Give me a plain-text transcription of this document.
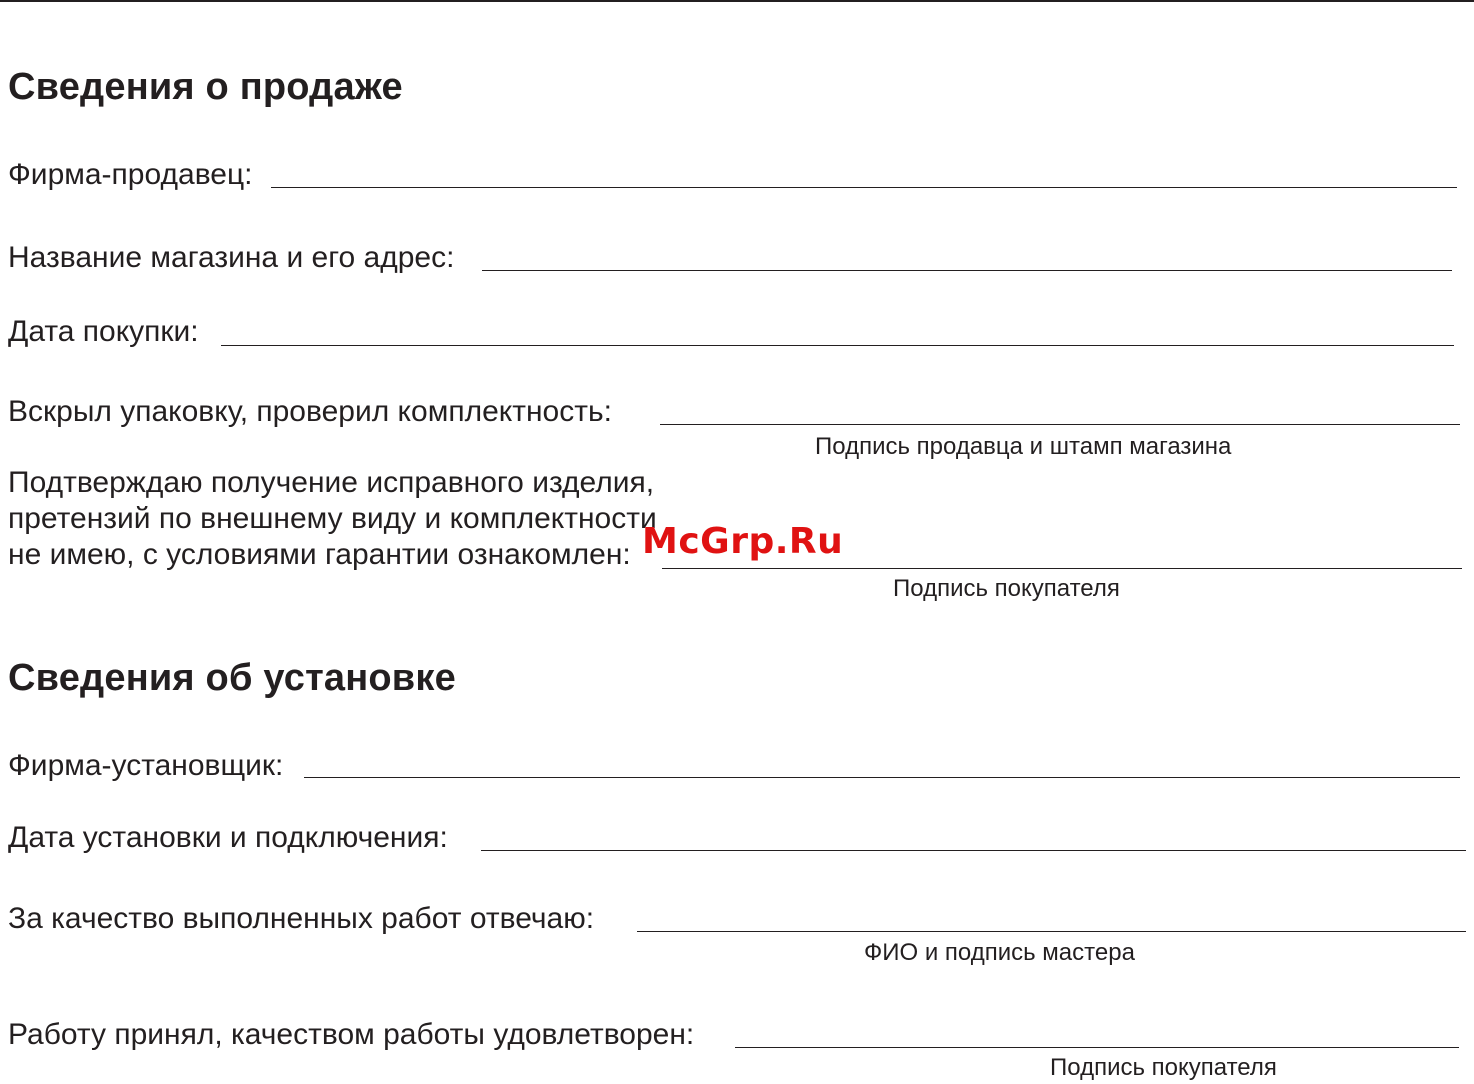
Сведения о продаже
Фирма-продавец:
Название магазина и его адрес:
Дата покупки:
Вскрыл упаковку, проверил комплектность:
Подпись продавца и штамп магазина
Подтверждаю получение исправного изделия,
претензий по внешнему виду и комплектности
не имею, с условиями гарантии ознакомлен:
Подпись покупателя
McGrp.Ru
Сведения об установке
Фирма-установщик:
Дата установки и подключения:
За качество выполненных работ отвечаю:
ФИО и подпись мастера
Работу принял, качеством работы удовлетворен:
Подпись покупателя
